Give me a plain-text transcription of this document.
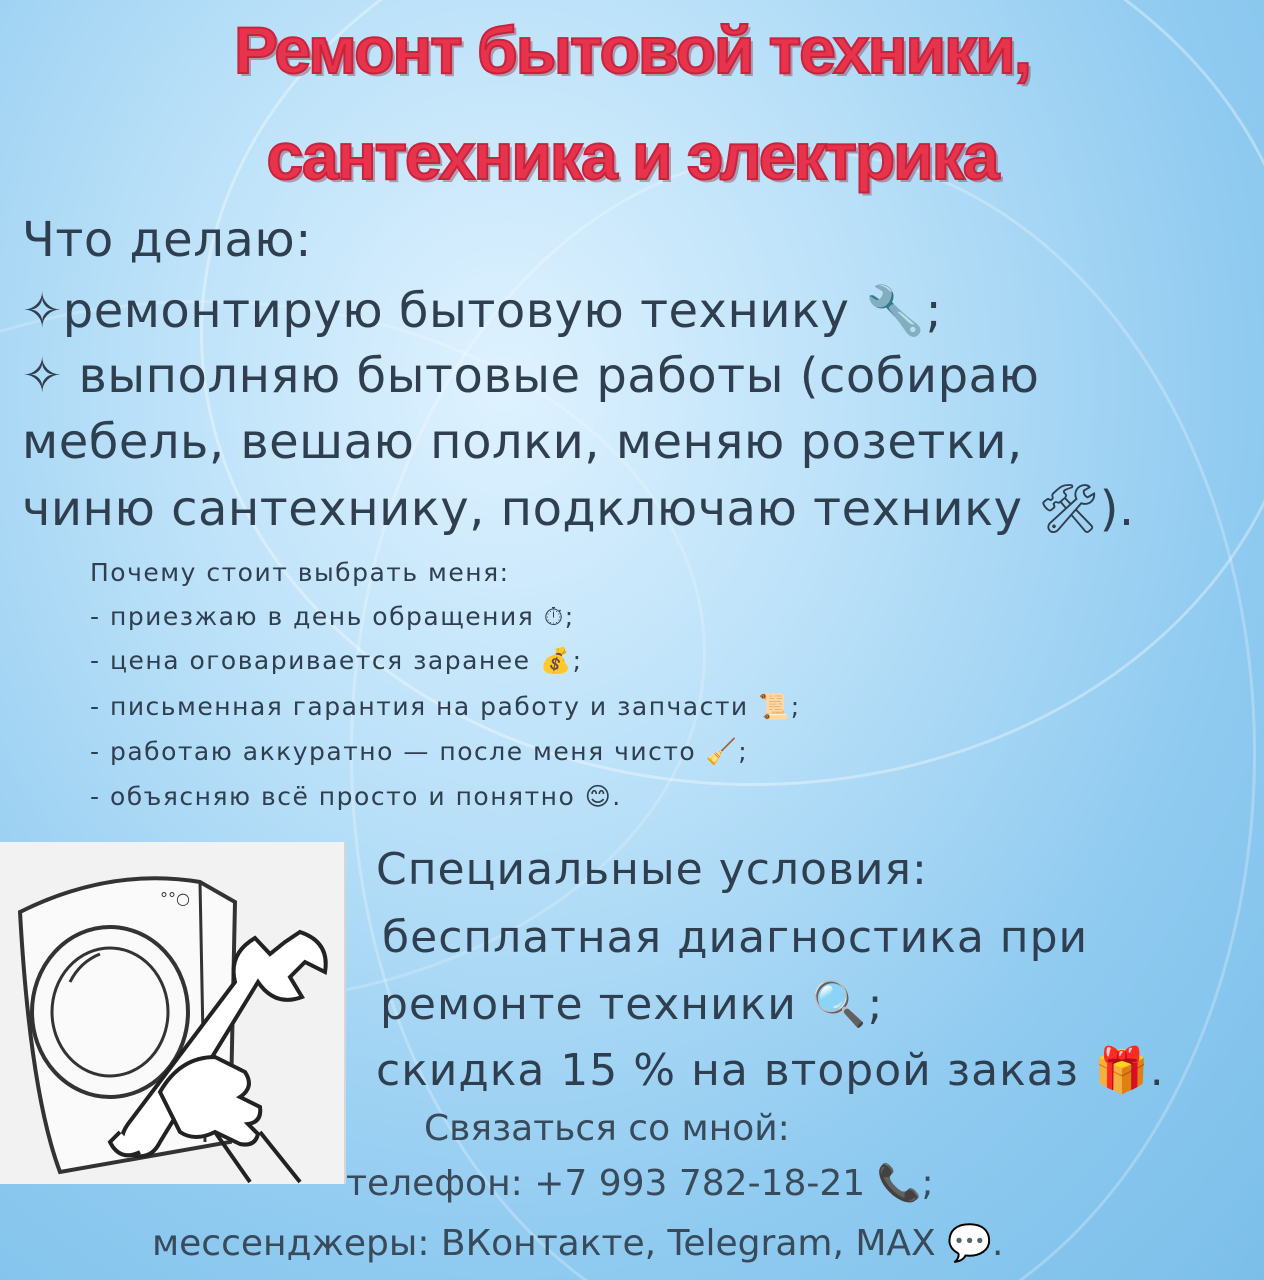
Ремонт бытовой техники,
сантехника и электрика
Что делаю:
✧ремонтирую бытовую технику 🔧;
✧ выполняю бытовые работы (собираю
мебель, вешаю полки, меняю розетки,
чиню сантехнику, подключаю технику 🛠).
Почему стоит выбрать меня:
- приезжаю в день обращения ⏱;
- цена оговаривается заранее 💰;
- письменная гарантия на работу и запчасти 📜;
- работаю аккуратно — после меня чисто 🧹;
- объясняю всё просто и понятно 😊.
°°○
Специальные условия:
бесплатная диагностика при
ремонте техники 🔍;
скидка 15 % на второй заказ 🎁.
Связаться со мной:
телефон: +7 993 782-18-21 📞;
мессенджеры: ВКонтакте, Telegram, MAX 💬.
